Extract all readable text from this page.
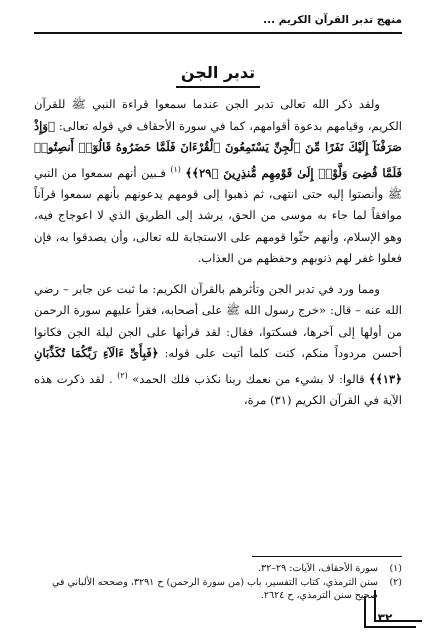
منهج تدبر القرآن الكريم ...
تدبر الجن

ولقد ذكر الله تعالى تدبر الجن عندما سمعوا قراءة النبي ﷺ للقرآن الكريم، وقيامهم بدعوة أقوامهم، كما في سورة الأحقاف في قوله تعالى: ﴿وَإِذْ صَرَفْنَآ إِلَيْكَ نَفَرًا مِّنَ ٱلْجِنِّ يَسْتَمِعُونَ ٱلْقُرْءَانَ فَلَمَّا حَضَرُوهُ قَالُوٓا۟ أَنصِتُوا۟ فَلَمَّا قُضِىَ وَلَّوْا۟ إِلَىٰ قَوْمِهِم مُّنذِرِينَ ﴿٢٩﴾﴾ $^{(١)}$ فـبين أنهم سمعوا من النبي ﷺ وأنصتوا إليه حتى انتهى، ثم ذهبوا إلى قومهم يدعونهم بأنهم سمعوا قرآناً موافقاً لما جاء به موسى من الحق، يرشد إلى الطريق الذي لا اعوجاج فيه، وهو الإسلام، وأنهم حثّوا قومهم على الاستجابة لله تعالى، وأن يصدقوا به، فإن فعلوا غفر لهم ذنوبهم وحفظهم من العذاب.

ومما ورد في تدبر الجن وتأثرهم بالقرآن الكريم: ما ثبت عن جابر – رضي الله عنه – قال: «خرج رسول الله ﷺ على أصحابه، فقرأ عليهم سورة الرحمن من أولها إلى آخرها، فسكتوا، فقال: لقد قرأتها على الجن ليلة الجن فكانوا أحسن مردوداً منكم، كنت كلما أتيت على قوله: ﴿فَبِأَىِّ ءَالَآءِ رَبِّكُمَا تُكَذِّبَانِ ﴿١٣﴾﴾ قالوا: لا بشيء من نعمك ربنا نكذب فلك الحمد» $^{(٢)}$ . لقد ذكرت هذه الآية في القرآن الكريم (٣١) مرة،

(١)
سورة الأحقاف، الآيات: ٢٩–٣٢.
(٢)
سنن الترمذي، كتاب التفسير، باب (من سورة الرحمن) ح ٣٢٩١، وصححه الألباني في صحيح سنن الترمذي، ح ٢٦٢٤.
٣٢
